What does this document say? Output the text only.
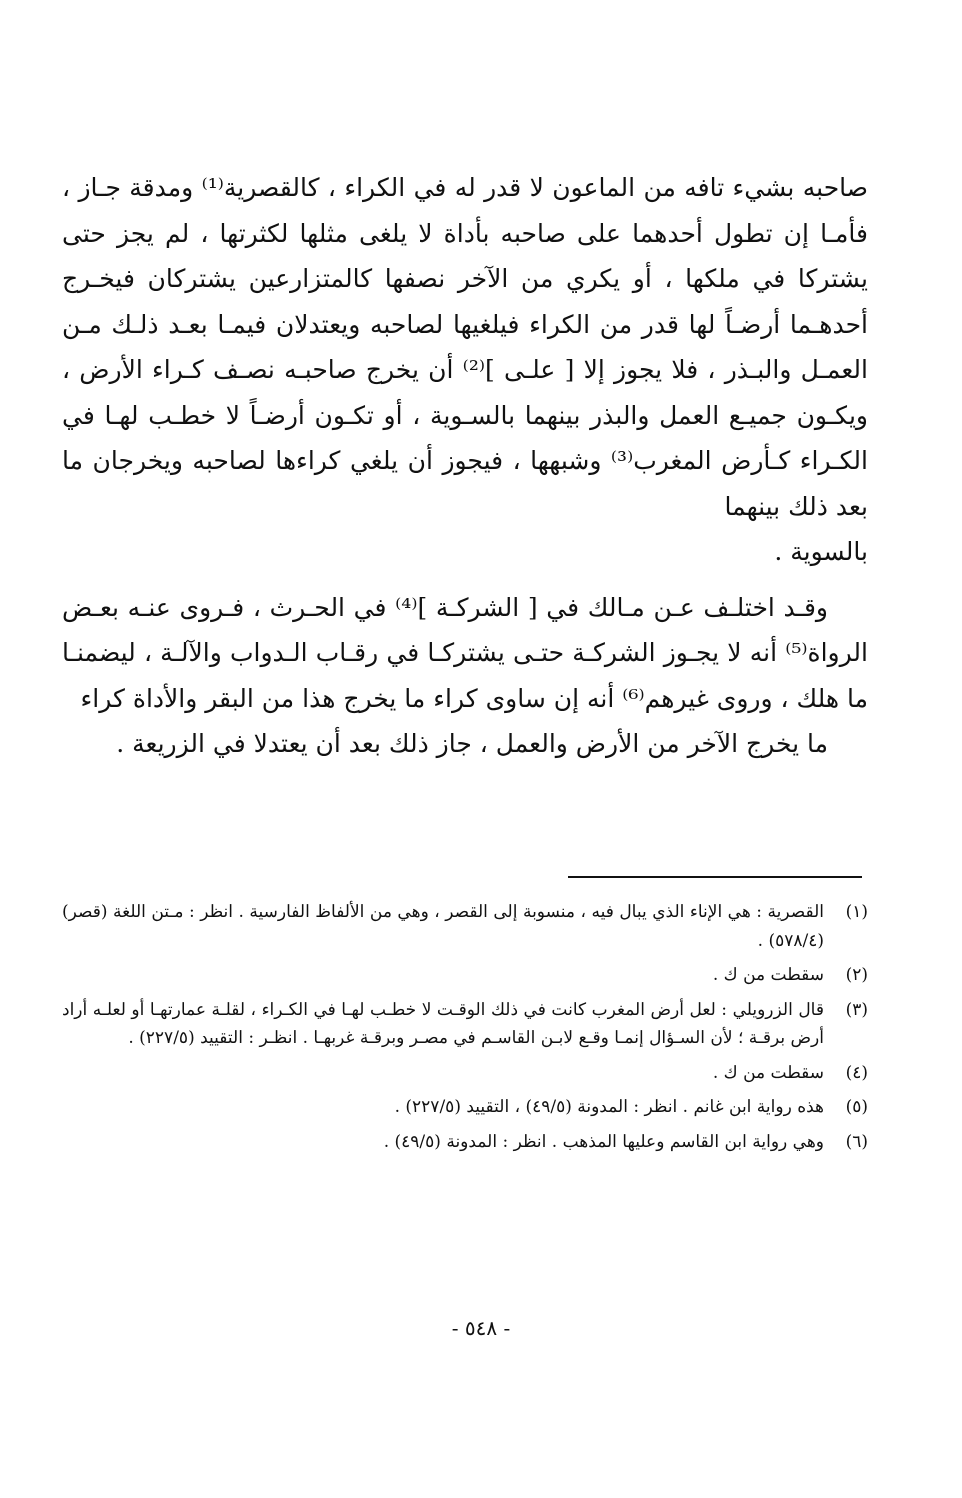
صاحبه بشيء تافه من الماعون لا قدر له في الكراء ، كالقصرية⁽¹⁾ ومدقة جـاز ، فأمـا إن تطول أحدهما على صاحبه بأداة لا يلغى مثلها لكثرتها ، لم يجز حتى يشتركا في ملكها ، أو يكري من الآخر نصفها كالمتزارعين يشتركان فيخـرج أحدهـما أرضـاً لها قدر من الكراء فيلغيها لصاحبه ويعتدلان فيمـا بعـد ذلـك مـن العمـل والبـذر ، فلا يجوز إلا [ علـى ]⁽²⁾ أن يخرج صاحبـه نصـف كـراء الأرض ، ويكـون جميـع العمل والبذر بينهما بالسـوية ، أو تكـون أرضـاً لا خطـب لهـا في الكـراء كـأرض المغرب⁽³⁾ وشبهها ، فيجوز أن يلغي كراءها لصاحبه ويخرجان ما بعد ذلك بينهما
بالسوية .

وقـد اختلـف عـن مـالك في [ الشركـة ]⁽⁴⁾ في الحـرث ، فـروى عنـه بعـض الرواة⁽⁵⁾ أنه لا يجـوز الشركـة حتـى يشتركـا في رقـاب الـدواب والآلـة ، ليضمنـا ما هلك ، وروى غيرهم⁽⁶⁾ أنه إن ساوى كراء ما يخرج هذا من البقر والأداة كراء
ما يخرج الآخر من الأرض والعمل ، جاز ذلك بعد أن يعتدلا في الزريعة .

(١)
القصرية : هي الإناء الذي يبال فيه ، منسوبة إلى القصر ، وهي من الألفاظ الفارسية . انظر : مـتن اللغة (قصر) (٥٧٨/٤) .
(٢)
سقطت من ك .
(٣)
قال الزرويلي : لعل أرض المغرب كانت في ذلك الوقـت لا خطـب لهـا في الكـراء ، لقلـة عمارتهـا أو لعلـه أراد أرض برقـة ؛ لأن السـؤال إنمـا وقـع لابـن القاسـم في مصـر وبرقـة غربهـا . انظـر : التقييد (٢٢٧/٥) .
(٤)
سقطت من ك .
(٥)
هذه رواية ابن غانم . انظر : المدونة (٤٩/٥) ، التقييد (٢٢٧/٥) .
(٦)
وهي رواية ابن القاسم وعليها المذهب . انظر : المدونة (٤٩/٥) .
- ٥٤٨ -
